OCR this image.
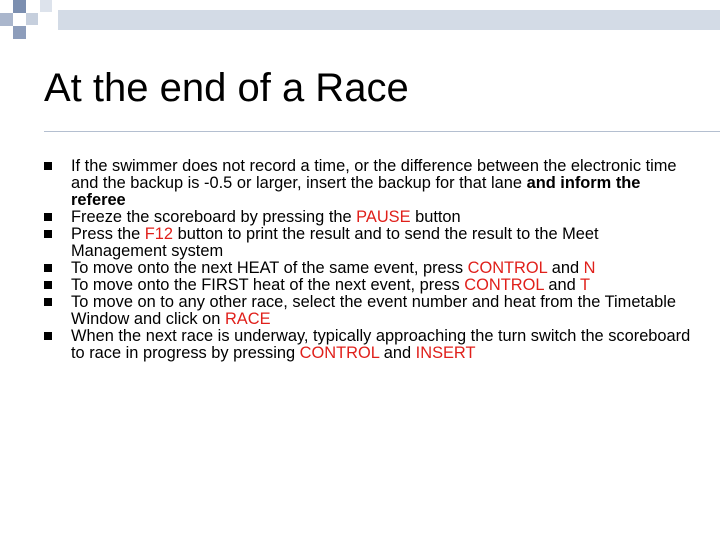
At the end of a Race
If the swimmer does not record a time, or the difference between the electronic time and the backup is -0.5 or larger, insert the backup for that lane and inform the referee
Freeze the scoreboard by pressing the PAUSE button
Press the F12 button to print the result and to send the result to the Meet Management system
To move onto the next HEAT of the same event, press CONTROL and N
To move onto the FIRST heat of the next event, press CONTROL and T
To move on to any other race, select the event number and heat from the Timetable Window and click on RACE
When the next race is underway, typically approaching the turn switch the scoreboard to race in progress by pressing CONTROL and INSERT
